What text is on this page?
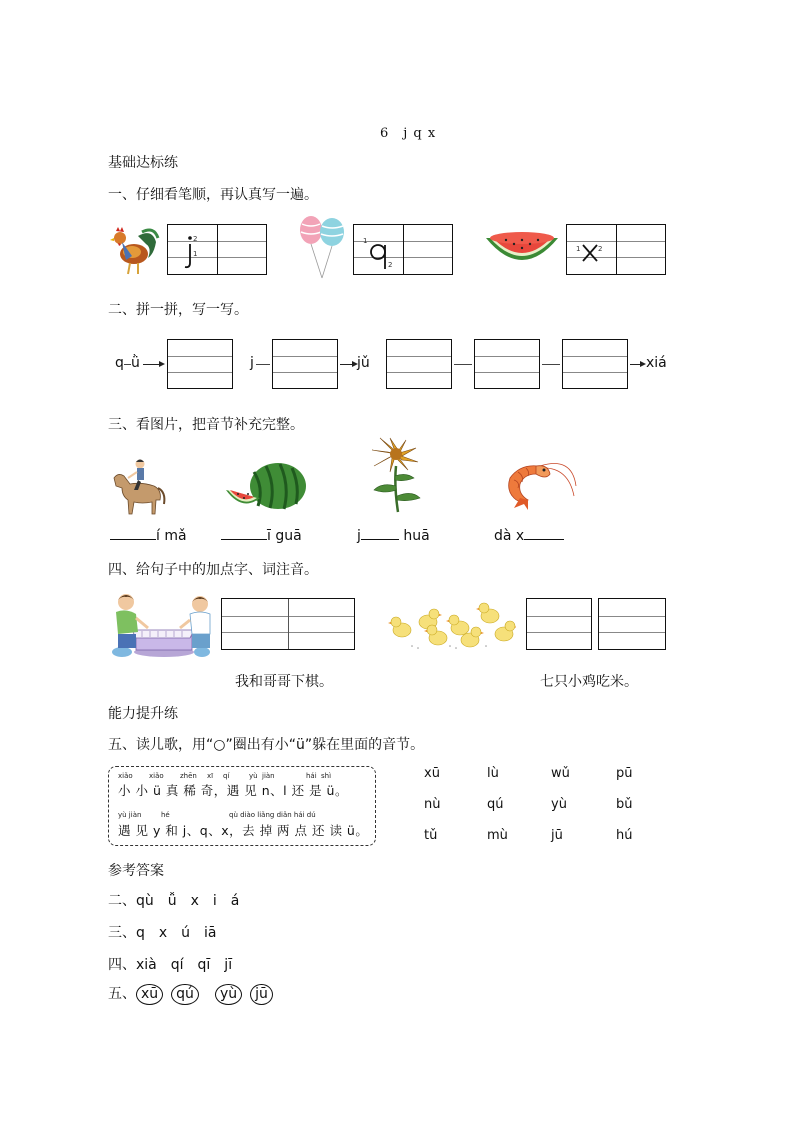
6　j q x
基础达标练
一、仔细看笔顺，再认真写一遍。
2
1
1
2
1	2
二、拼一拼，写一写。
q ǜ	j	jǔ	xiá
三、看图片，把音节补充完整。
í mǎ	ī guā	j	huā	dà x
四、给句子中的加点字、词注音。
我和哥哥下棋。	七只小鸡吃米。
能力提升练
五、读儿歌，用“○”圈出有小“ü”躲在里面的音节。
xiǎo xiǎo zhēn xī qí	yù jiàn	hái shì
小 小 ü 真 稀 奇，遇 见 n、l 还 是 ü。
yù jiàn	hé	qù diào liǎng diǎn hái dú
遇 见 y 和 j、q、x，去 掉 两 点 还 读 ü。
xū	lù	wǔ	pū
nù	qú	yù	bǔ
tǔ	mù	jū	hú
参考答案
二、qù　ǚ　x　i　á
三、q　x　ú　iā
四、xià　qí　qī　jī
五、 xū qú yù jū
